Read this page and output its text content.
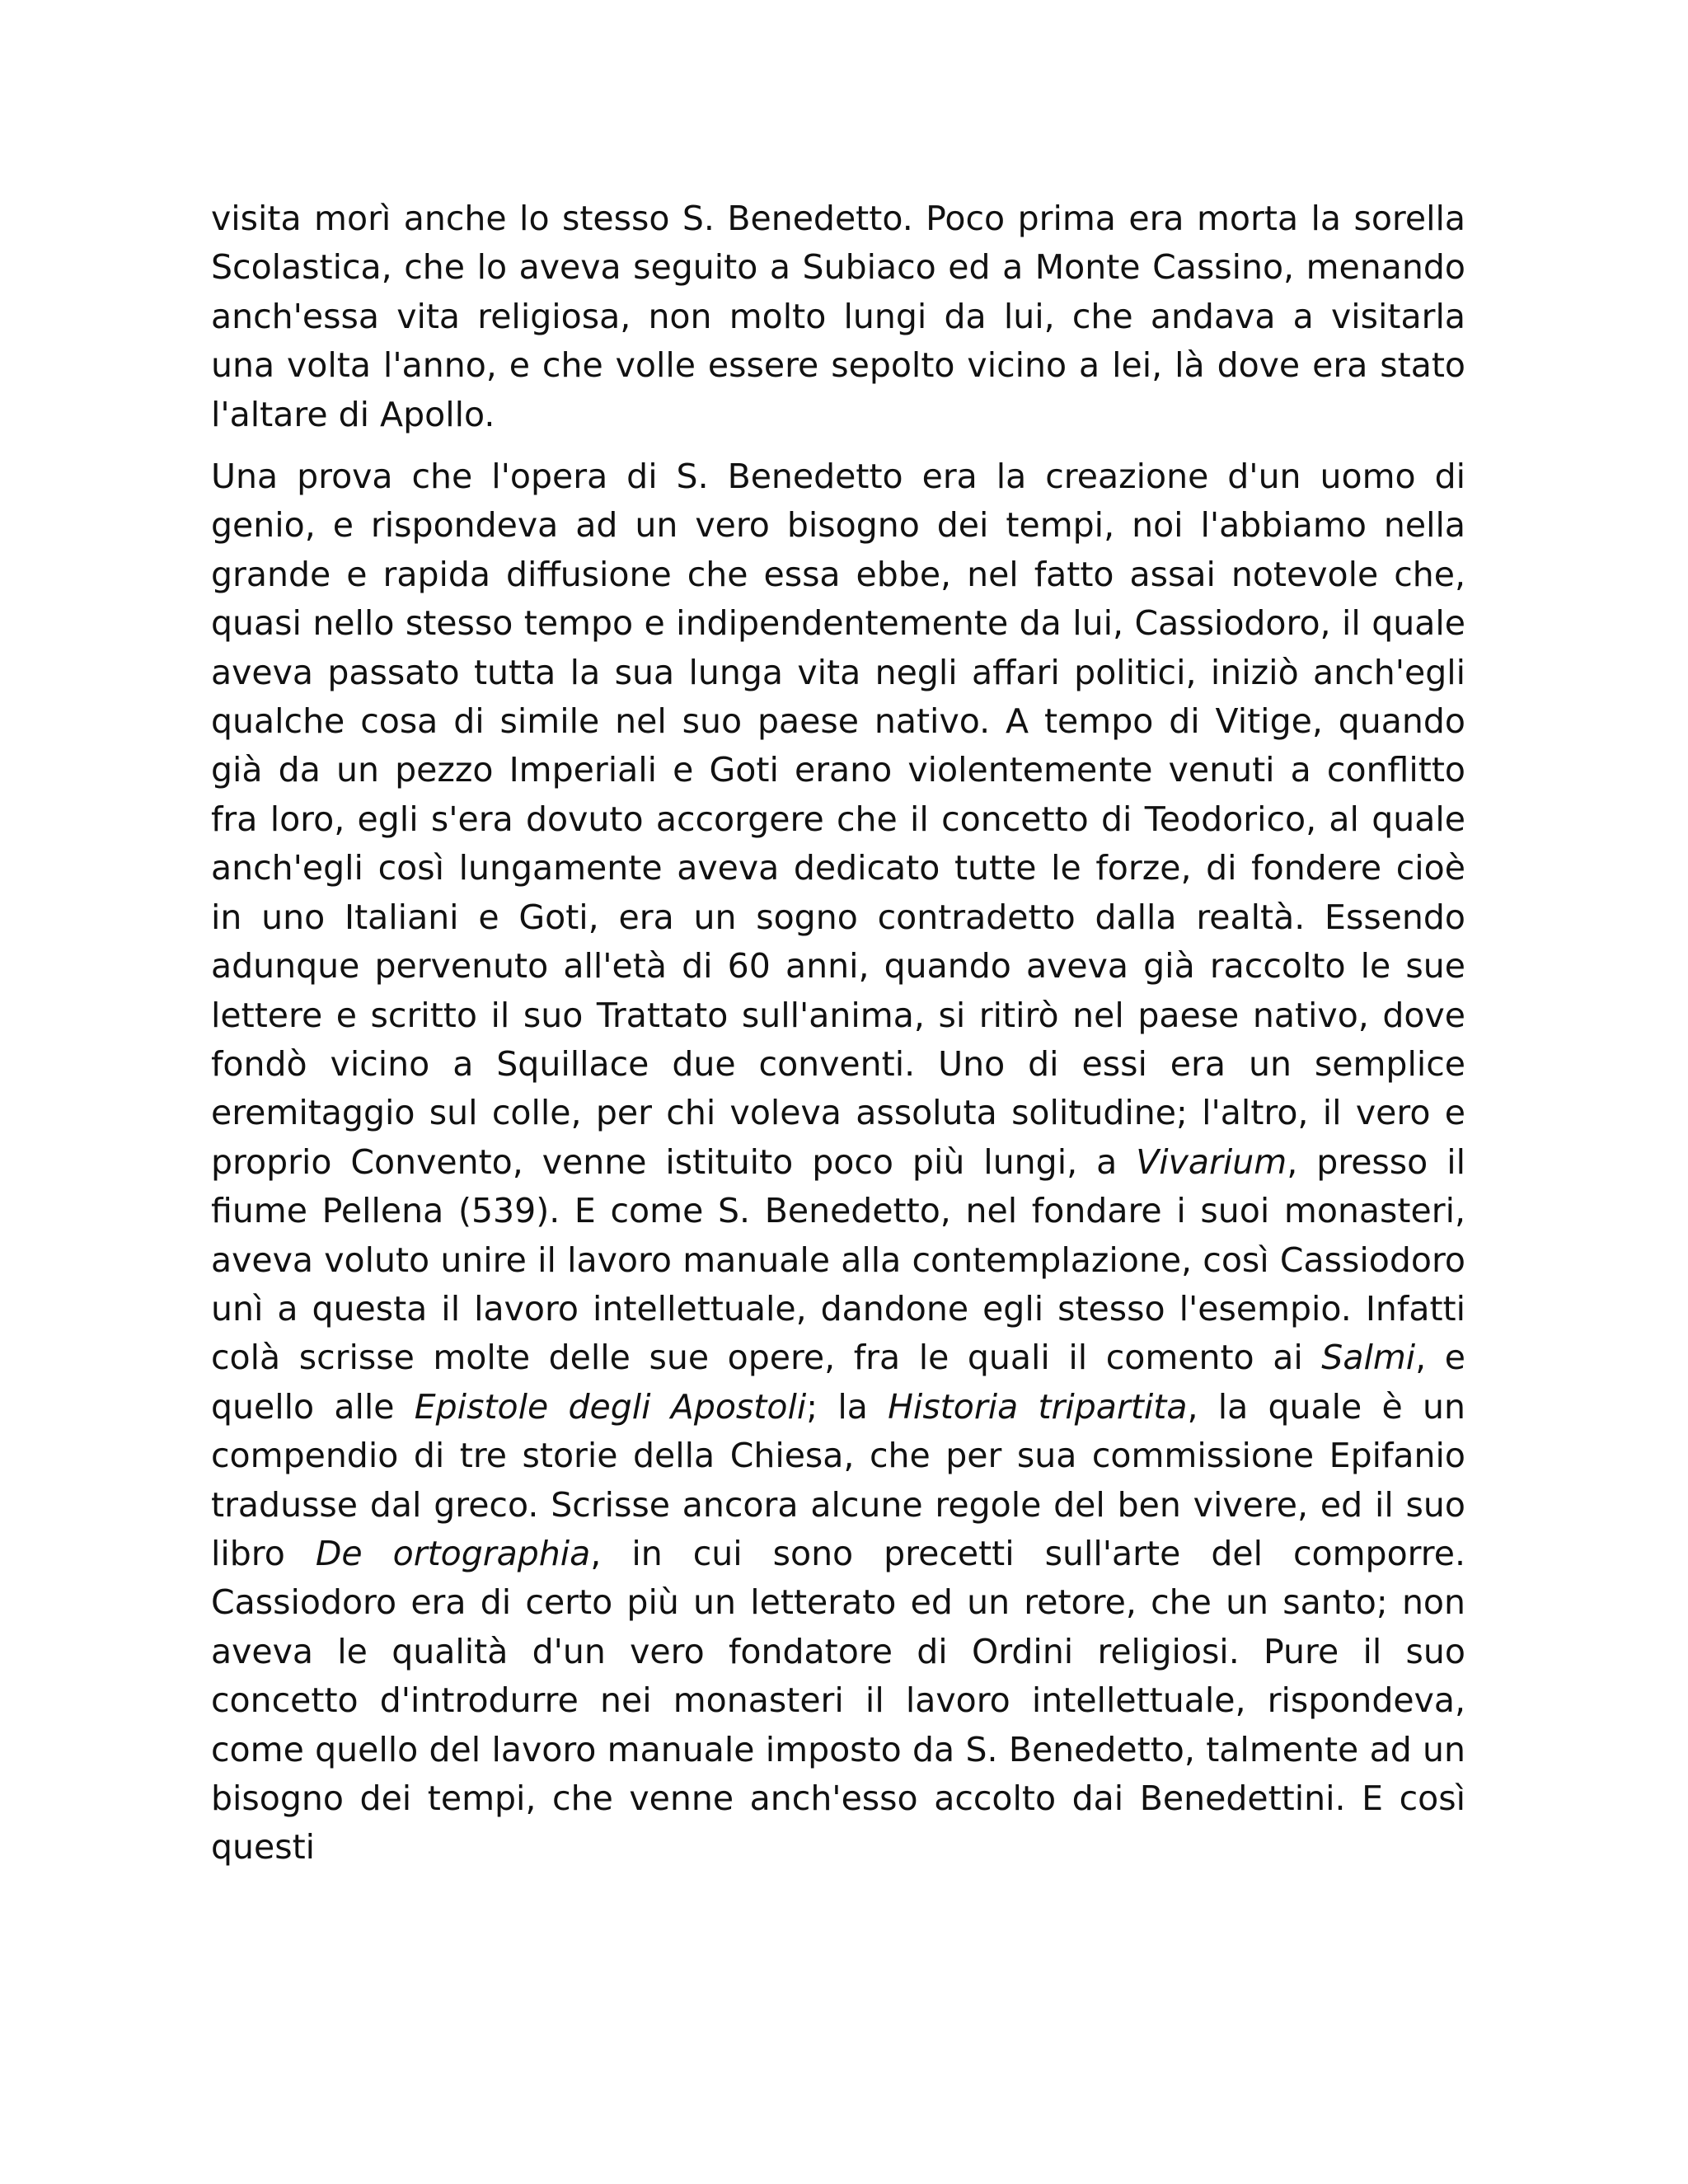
visita morì anche lo stesso S. Benedetto. Poco prima era morta la sorella Scolastica, che lo aveva seguito a Subiaco ed a Monte Cassino, menando anch'essa vita religiosa, non molto lungi da lui, che andava a visitarla una volta l'anno, e che volle essere sepolto vicino a lei, là dove era stato l'altare di Apollo.

Una prova che l'opera di S. Benedetto era la creazione d'un uomo di genio, e rispondeva ad un vero bisogno dei tempi, noi l'abbiamo nella grande e rapida diffusione che essa ebbe, nel fatto assai notevole che, quasi nello stesso tempo e indipendentemente da lui, Cassiodoro, il quale aveva passato tutta la sua lunga vita negli affari politici, iniziò anch'egli qualche cosa di simile nel suo paese nativo. A tempo di Vitige, quando già da un pezzo Imperiali e Goti erano violentemente venuti a conflitto fra loro, egli s'era dovuto accorgere che il concetto di Teodorico, al quale anch'egli così lungamente aveva dedicato tutte le forze, di fondere cioè in uno Italiani e Goti, era un sogno contradetto dalla realtà. Essendo adunque pervenuto all'età di 60 anni, quando aveva già raccolto le sue lettere e scritto il suo Trattato sull'anima, si ritirò nel paese nativo, dove fondò vicino a Squillace due conventi. Uno di essi era un semplice eremitaggio sul colle, per chi voleva assoluta solitudine; l'altro, il vero e proprio Convento, venne istituito poco più lungi, a Vivarium, presso il fiume Pellena (539). E come S. Benedetto, nel fondare i suoi monasteri, aveva voluto unire il lavoro manuale alla contemplazione, così Cassiodoro unì a questa il lavoro intellettuale, dandone egli stesso l'esempio. Infatti colà scrisse molte delle sue opere, fra le quali il comento ai Salmi, e quello alle Epistole degli Apostoli; la Historia tripartita, la quale è un compendio di tre storie della Chiesa, che per sua commissione Epifanio tradusse dal greco. Scrisse ancora alcune regole del ben vivere, ed il suo libro De ortographia, in cui sono precetti sull'arte del comporre. Cassiodoro era di certo più un letterato ed un retore, che un santo; non aveva le qualità d'un vero fondatore di Ordini religiosi. Pure il suo concetto d'introdurre nei monasteri il lavoro intellettuale, rispondeva, come quello del lavoro manuale imposto da S. Benedetto, talmente ad un bisogno dei tempi, che venne anch'esso accolto dai Benedettini. E così questi
